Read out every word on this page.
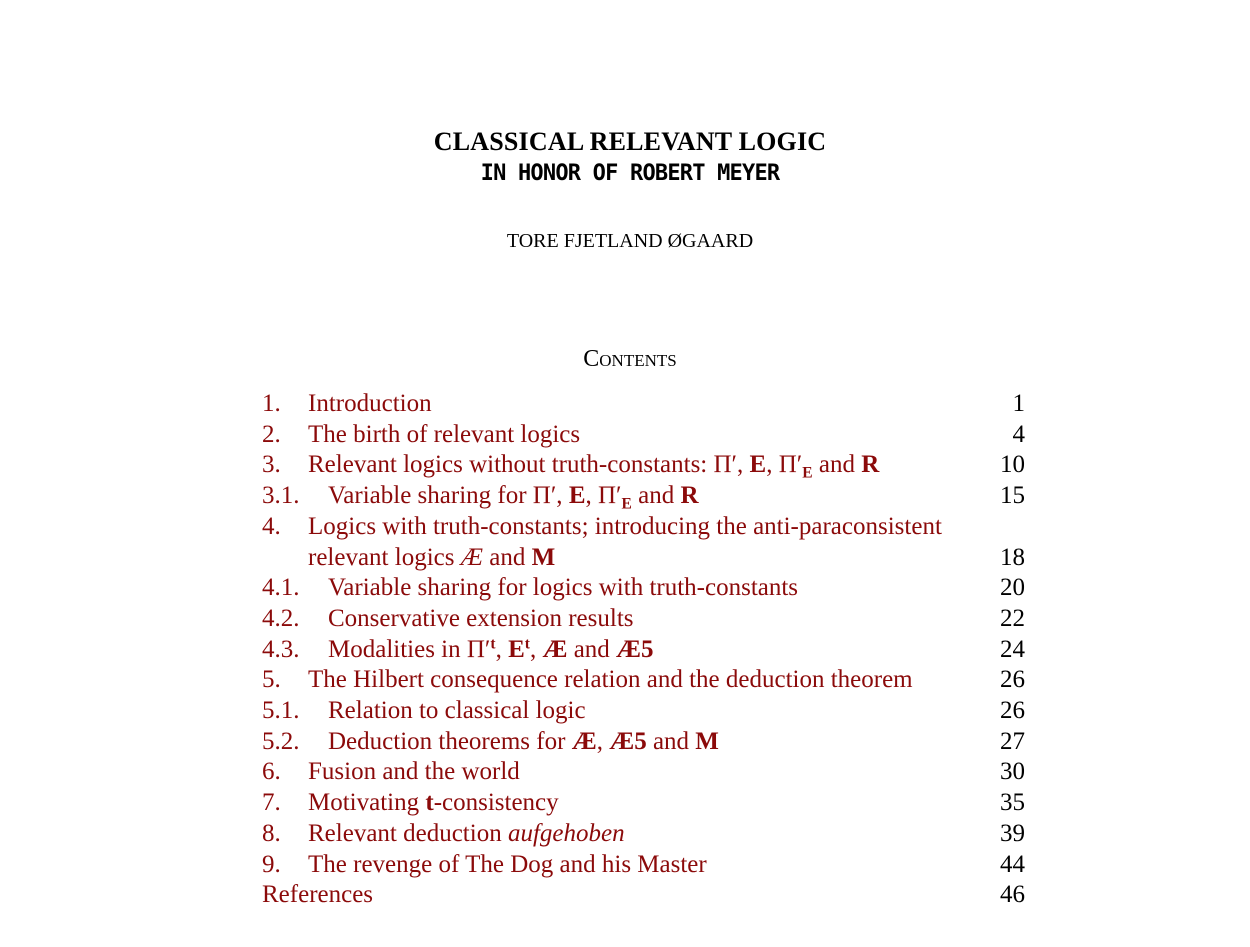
CLASSICAL RELEVANT LOGIC
IN HONOR OF ROBERT MEYER
TORE FJETLAND ØGAARD
Contents
1. Introduction	1
2. The birth of relevant logics	4
3. Relevant logics without truth-constants: Π′, E, $\Pi'_E$ and R	10
3.1. Variable sharing for Π′, E, $\Pi'_E$ and R	15
4. Logics with truth-constants; introducing the anti-paraconsistent
relevant logics Æ and M	18
4.1. Variable sharing for logics with truth-constants	20
4.2. Conservative extension results	22
4.3. Modalities in $\Pi'^t$, $E^t$, Æ and Æ5	24
5. The Hilbert consequence relation and the deduction theorem	26
5.1. Relation to classical logic	26
5.2. Deduction theorems for Æ, Æ5 and M	27
6. Fusion and the world	30
7. Motivating t-consistency	35
8. Relevant deduction aufgehoben	39
9. The revenge of The Dog and his Master	44
References	46
